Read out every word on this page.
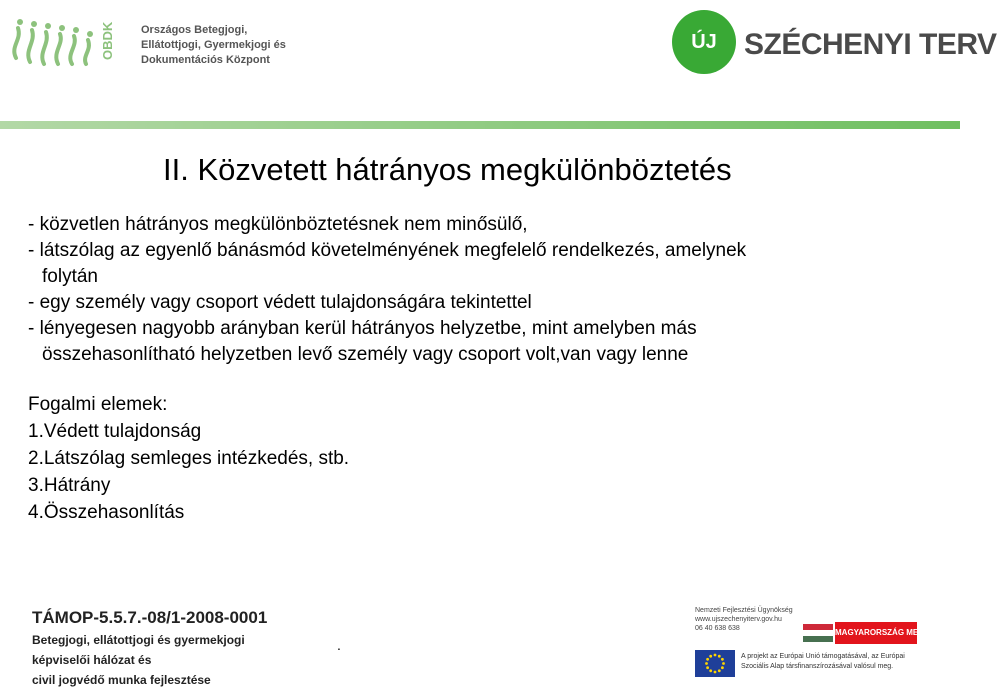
OBDK Országos Betegjogi,
Ellátottjogi, Gyermekjogi és
Dokumentációs Központ
ÚJ SZÉCHENYI TERV
II. Közvetett hátrányos megkülönböztetés
- közvetlen hátrányos megkülönböztetésnek nem minősülő,
- látszólag az egyenlő bánásmód követelményének megfelelő rendelkezés, amelynek
folytán
- egy személy vagy csoport védett tulajdonságára tekintettel
- lényegesen nagyobb arányban kerül hátrányos helyzetbe, mint amelyben más
összehasonlítható helyzetben levő személy vagy csoport volt,van vagy lenne
Fogalmi elemek:
1.Védett tulajdonság
2.Látszólag semleges intézkedés, stb.
3.Hátrány
4.Összehasonlítás
TÁMOP-5.5.7.-08/1-2008-0001
Betegjogi, ellátottjogi és gyermekjogi
képviselői hálózat és
civil jogvédő munka fejlesztése
.
Nemzeti Fejlesztési Ügynökség
www.ujszechenyiterv.gov.hu
06 40 638 638	MAGYARORSZÁG MEGÚJUL
A projekt az Európai Unió támogatásával, az Európai
Szociális Alap társfinanszírozásával valósul meg.
